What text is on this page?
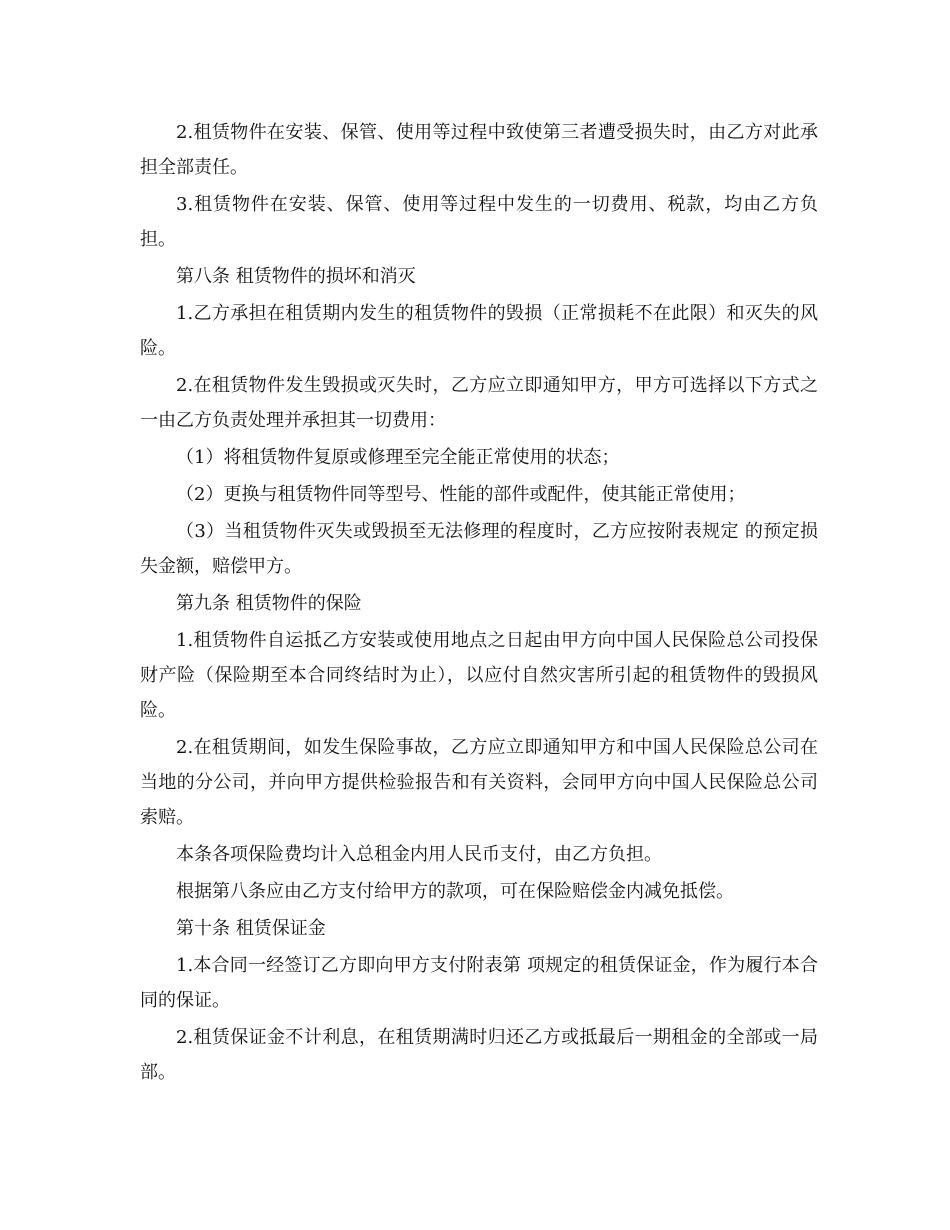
2.租赁物件在安装、保管、使用等过程中致使第三者遭受损失时，由乙方对此承担全部责任。

3.租赁物件在安装、保管、使用等过程中发生的一切费用、税款，均由乙方负担。

第八条 租赁物件的损坏和消灭

1.乙方承担在租赁期内发生的租赁物件的毁损（正常损耗不在此限）和灭失的风险。

2.在租赁物件发生毁损或灭失时，乙方应立即通知甲方，甲方可选择以下方式之一由乙方负责处理并承担其一切费用：

（1）将租赁物件复原或修理至完全能正常使用的状态；

（2）更换与租赁物件同等型号、性能的部件或配件，使其能正常使用；

（3）当租赁物件灭失或毁损至无法修理的程度时，乙方应按附表规定 的预定损失金额，赔偿甲方。

第九条 租赁物件的保险

1.租赁物件自运抵乙方安装或使用地点之日起由甲方向中国人民保险总公司投保财产险（保险期至本合同终结时为止），以应付自然灾害所引起的租赁物件的毁损风险。

2.在租赁期间，如发生保险事故，乙方应立即通知甲方和中国人民保险总公司在当地的分公司，并向甲方提供检验报告和有关资料，会同甲方向中国人民保险总公司索赔。

本条各项保险费均计入总租金内用人民币支付，由乙方负担。

根据第八条应由乙方支付给甲方的款项，可在保险赔偿金内减免抵偿。

第十条 租赁保证金

1.本合同一经签订乙方即向甲方支付附表第 项规定的租赁保证金，作为履行本合同的保证。

2.租赁保证金不计利息，在租赁期满时归还乙方或抵最后一期租金的全部或一局部。
